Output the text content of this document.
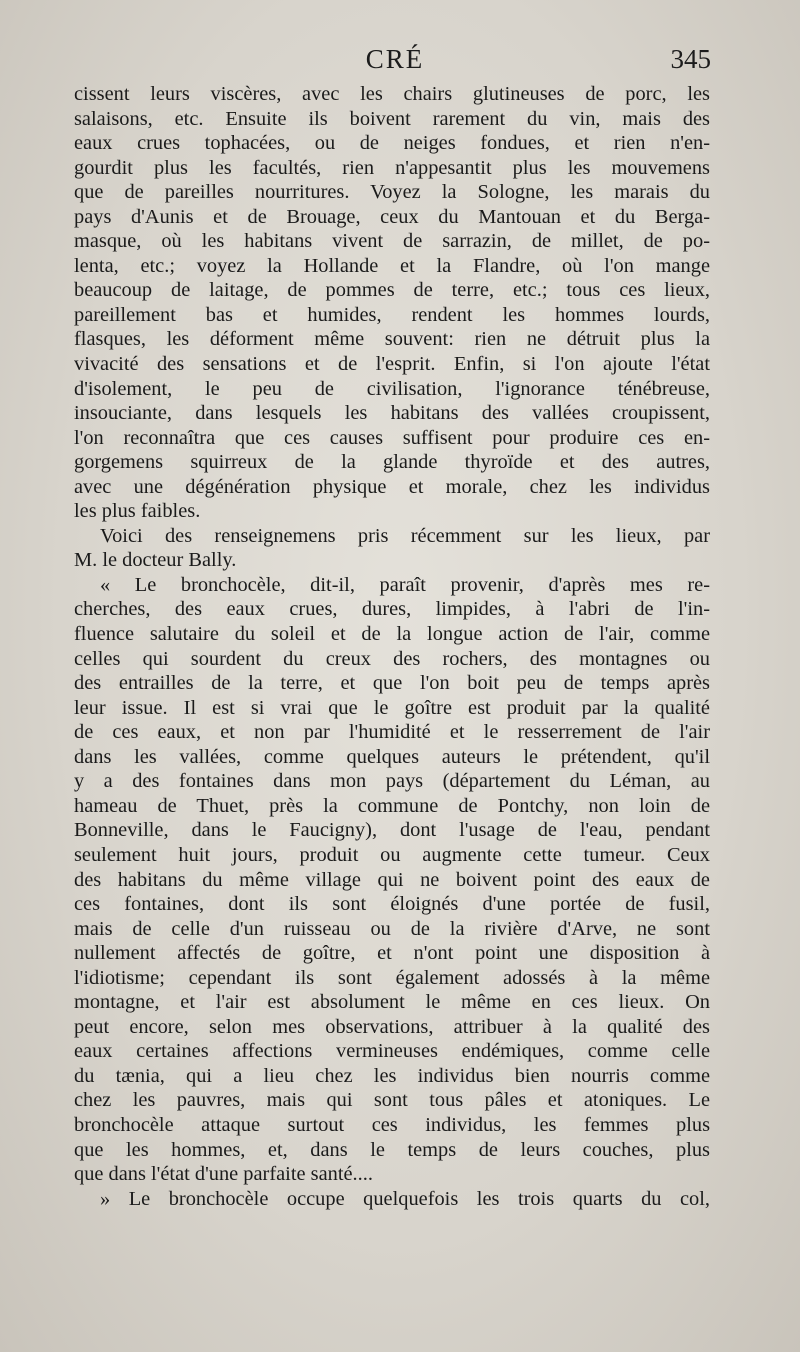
CRÉ	345
cissent leurs viscères, avec les chairs glutineuses de porc, les
salaisons, etc. Ensuite ils boivent rarement du vin, mais des
eaux crues tophacées, ou de neiges fondues, et rien n'en-
gourdit plus les facultés, rien n'appesantit plus les mouvemens
que de pareilles nourritures. Voyez la Sologne, les marais du
pays d'Aunis et de Brouage, ceux du Mantouan et du Berga-
masque, où les habitans vivent de sarrazin, de millet, de po-
lenta, etc.; voyez la Hollande et la Flandre, où l'on mange
beaucoup de laitage, de pommes de terre, etc.; tous ces lieux,
pareillement bas et humides, rendent les hommes lourds,
flasques, les déforment même souvent: rien ne détruit plus la
vivacité des sensations et de l'esprit. Enfin, si l'on ajoute l'état
d'isolement, le peu de civilisation, l'ignorance ténébreuse,
insouciante, dans lesquels les habitans des vallées croupissent,
l'on reconnaîtra que ces causes suffisent pour produire ces en-
gorgemens squirreux de la glande thyroïde et des autres,
avec une dégénération physique et morale, chez les individus
les plus faibles.
Voici des renseignemens pris récemment sur les lieux, par
M. le docteur Bally.
« Le bronchocèle, dit-il, paraît provenir, d'après mes re-
cherches, des eaux crues, dures, limpides, à l'abri de l'in-
fluence salutaire du soleil et de la longue action de l'air, comme
celles qui sourdent du creux des rochers, des montagnes ou
des entrailles de la terre, et que l'on boit peu de temps après
leur issue. Il est si vrai que le goître est produit par la qualité
de ces eaux, et non par l'humidité et le resserrement de l'air
dans les vallées, comme quelques auteurs le prétendent, qu'il
y a des fontaines dans mon pays (département du Léman, au
hameau de Thuet, près la commune de Pontchy, non loin de
Bonneville, dans le Faucigny), dont l'usage de l'eau, pendant
seulement huit jours, produit ou augmente cette tumeur. Ceux
des habitans du même village qui ne boivent point des eaux de
ces fontaines, dont ils sont éloignés d'une portée de fusil,
mais de celle d'un ruisseau ou de la rivière d'Arve, ne sont
nullement affectés de goître, et n'ont point une disposition à
l'idiotisme; cependant ils sont également adossés à la même
montagne, et l'air est absolument le même en ces lieux. On
peut encore, selon mes observations, attribuer à la qualité des
eaux certaines affections vermineuses endémiques, comme celle
du tænia, qui a lieu chez les individus bien nourris comme
chez les pauvres, mais qui sont tous pâles et atoniques. Le
bronchocèle attaque surtout ces individus, les femmes plus
que les hommes, et, dans le temps de leurs couches, plus
que dans l'état d'une parfaite santé....
» Le bronchocèle occupe quelquefois les trois quarts du col,
